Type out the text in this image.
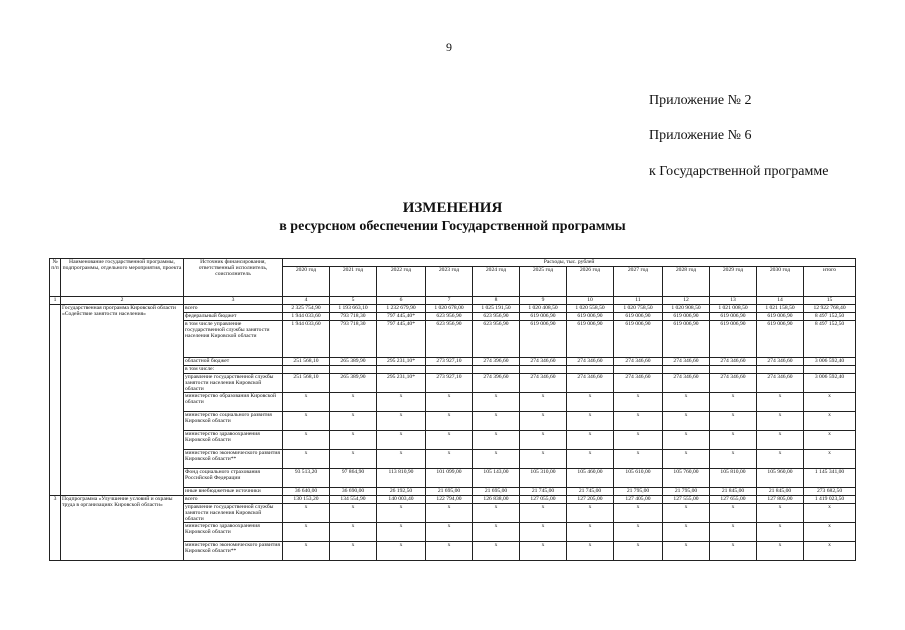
9
Приложение № 2
Приложение № 6
к Государственной программе
ИЗМЕНЕНИЯ
в ресурсном обеспечении Государственной программы
№ п/п	Наименование государственной программы, подпрограммы, отдельного мероприятия, проекта	Источник финансирования, ответственный исполнитель, соисполнитель	Расходы, тыс. рублей											
			2020 год	2021 год	2022 год	2023 год	2024 год	2025 год	2026 год	2027 год	2028 год	2029 год	2030 год	итого
1	2	3	4	5	6	7	8	9	10	11	12	13	14	15
	Государственная программа Кировской области «Содействие занятости населения»	всего	2 325 754,90	1 193 663,10	1 232 679,90	1 020 678,00	1 025 191,50	1 020 408,50	1 020 558,50	1 020 758,50	1 020 908,50	1 021 008,50	1 021 158,50	12 922 768,40
		федеральный бюджет	1 944 033,60	793 718,30	797 445,40*	623 956,90	623 956,90	619 006,90	619 006,90	619 006,90	619 006,90	619 006,90	619 006,90	8 497 152,50
		в том числе управление государственной службы занятости населения Кировской области	1 944 033,60	793 718,30	797 445,40*	623 956,90	623 956,90	619 006,90	619 006,90	619 006,90	619 006,90	619 006,90	619 006,90	8 497 152,50
		областной бюджет	251 568,10	265 389,90	295 231,10*	273 927,10	274 396,60	274 346,60	274 346,60	274 346,60	274 346,60	274 346,60	274 346,60	3 006 592,40
		в том числе:												
		управление государственной службы занятости населения Кировской области	251 568,10	265 389,90	295 231,10*	273 927,10	274 396,60	274 346,60	274 346,60	274 346,60	274 346,60	274 346,60	274 346,60	3 006 592,40
		министерство образования Кировской области	x	x	x	x	x	x	x	x	x	x	x	x
		министерство социального развития Кировской области	x	x	x	x	x	x	x	x	x	x	x	x
		министерство здравоохранения Кировской области	x	x	x	x	x	x	x	x	x	x	x	x
		министерство экономического развития Кировской области**	x	x	x	x	x	x	x	x	x	x	x	x
		Фонд социального страхования Российской Федерации	93 513,20	97 864,90	113 810,90	101 099,00	105 143,00	105 310,00	105 460,00	105 610,00	105 760,00	105 810,00	105 960,00	1 145 341,00
		иные внебюджетные источники	36 640,00	36 690,00	26 192,50	21 695,00	21 695,00	21 745,00	21 745,00	21 795,00	21 795,00	21 845,00	21 845,00	273 682,50
3	Подпрограмма «Улучшение условий и охраны труда в организациях Кировской области»	всего	130 153,20	134 554,90	140 003,40	122 794,00	126 838,00	127 055,00	127 205,00	127 405,00	127 555,00	127 655,00	127 805,00	1 419 023,50
		управление государственной службы занятости населения Кировской области	x	x	x	x	x	x	x	x	x	x	x	x
		министерство здравоохранения Кировской области	x	x	x	x	x	x	x	x	x	x	x	x
		министерство экономического развития Кировской области**	x	x	x	x	x	x	x	x	x	x	x	x
